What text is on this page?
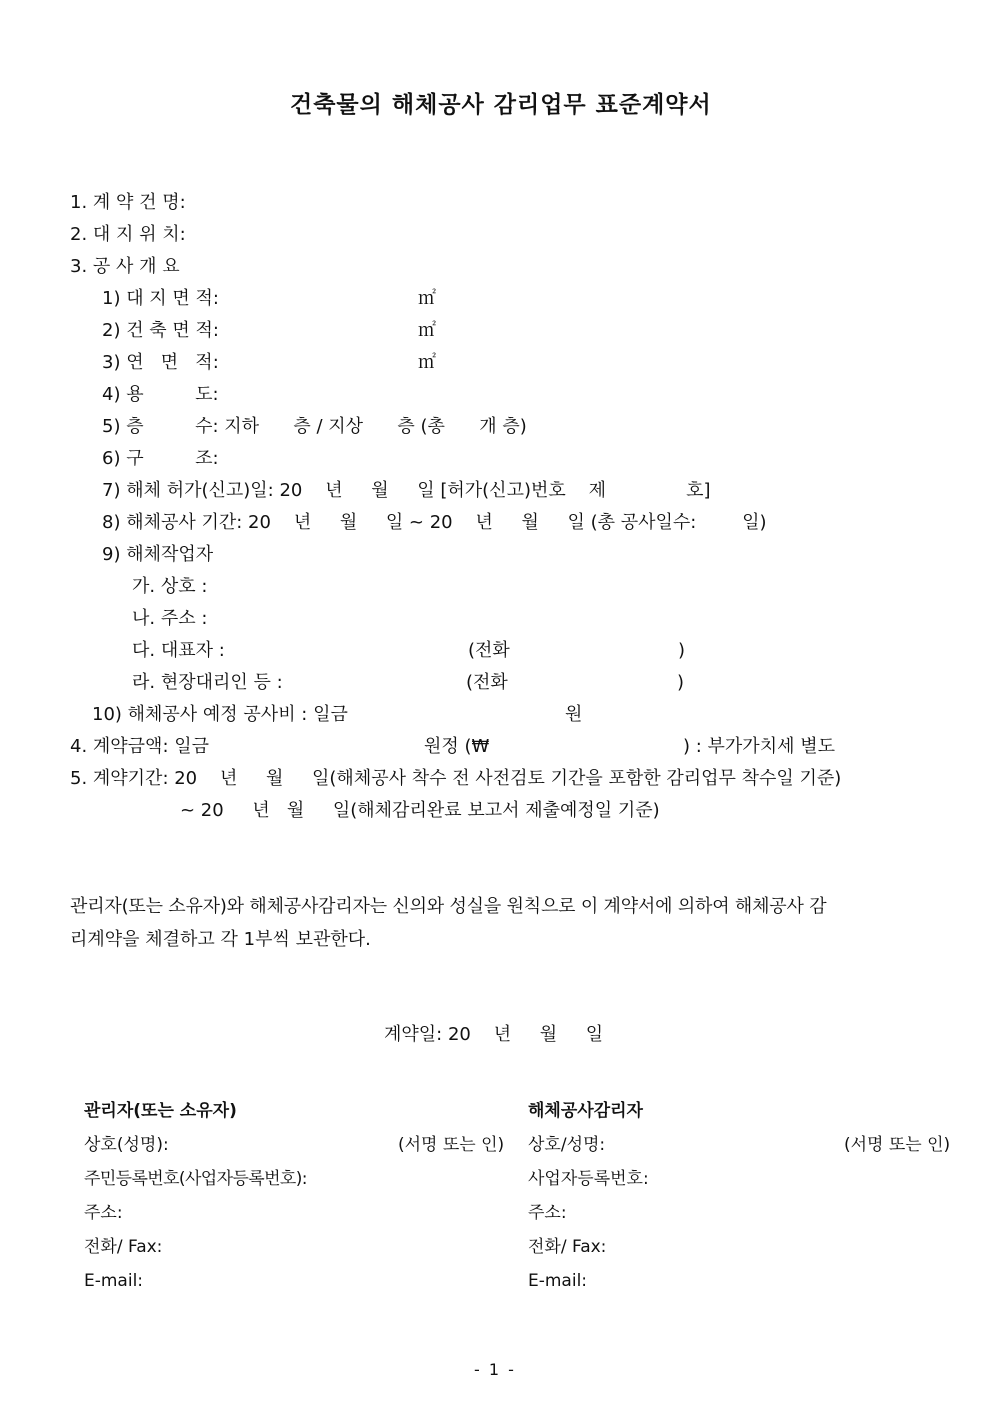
건축물의 해체공사 감리업무 표준계약서
1. 계 약 건 명:
2. 대 지 위 치:
3. 공 사 개 요
1) 대 지 면 적:	㎡
2) 건 축 면 적:	㎡
3) 연   면   적:	㎡
4) 용         도:
5) 층         수: 지하      층 / 지상      층 (총      개 층)
6) 구         조:
7) 해체 허가(신고)일: 20    년     월     일 [허가(신고)번호    제              호]
8) 해체공사 기간: 20    년     월     일 ~ 20    년     월     일 (총 공사일수:        일)
9) 해체작업자
가. 상호 :
나. 주소 :
다. 대표자 :	(전화	)
라. 현장대리인 등 :	(전화	)
10) 해체공사 예정 공사비 : 일금	원
4. 계약금액: 일금	원정 (₩	) : 부가가치세 별도
5. 계약기간: 20    년     월     일(해체공사 착수 전 사전검토 기간을 포함한 감리업무 착수일 기준)
~ 20     년   월     일(해체감리완료 보고서 제출예정일 기준)
관리자(또는 소유자)와 해체공사감리자는 신의와 성실을 원칙으로 이 계약서에 의하여 해체공사 감
리계약을 체결하고 각 1부씩 보관한다.
계약일: 20    년     월     일
관리자(또는 소유자)
상호(성명):	(서명 또는 인)
주민등록번호(사업자등록번호):
주소:
전화/ Fax:
E-mail:
해체공사감리자
상호/성명:	(서명 또는 인)
사업자등록번호:
주소:
전화/ Fax:
E-mail:
- 1 -
